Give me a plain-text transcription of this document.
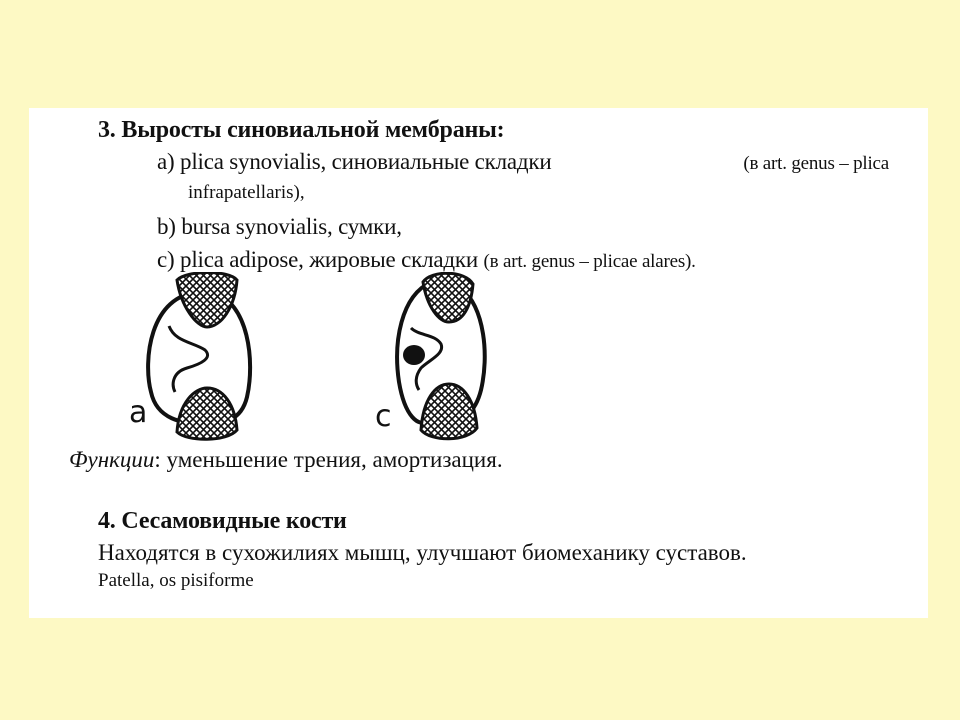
3. Выросты синовиальной мембраны:
a) plica synovialis, синовиальные складки	(в art. genus – plica
infrapatellaris),
b) bursa synovialis, сумки,
c) plica adipose, жировые складки (в art. genus – plicae alares).
a	c
Функции: уменьшение трения, амортизация.
4. Сесамовидные кости
Находятся в сухожилиях мышц, улучшают биомеханику суставов.
Patella, os pisiforme
